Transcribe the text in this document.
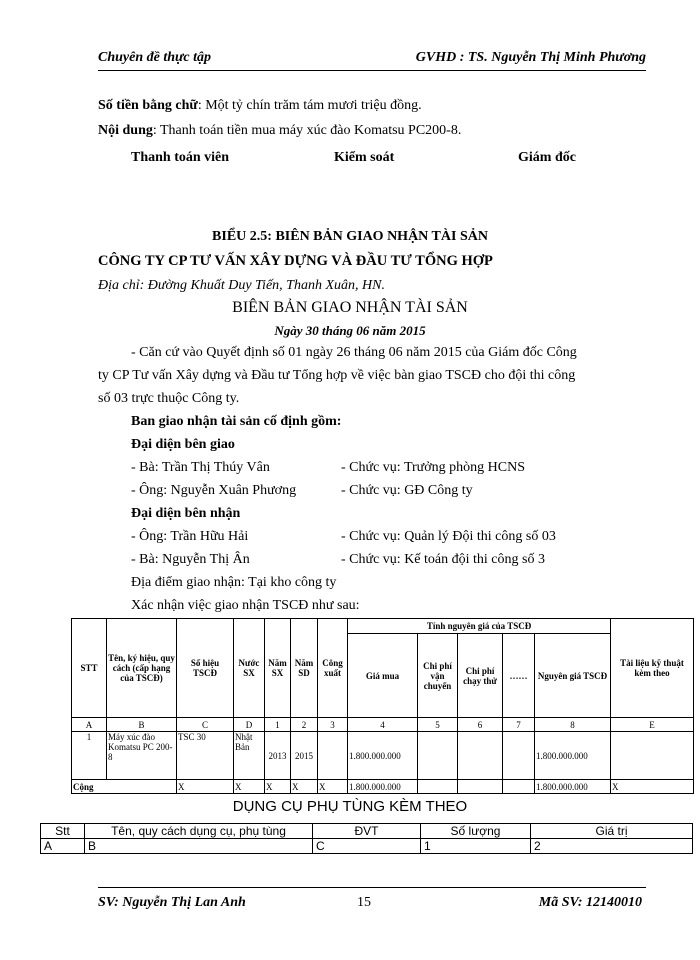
Chuyên đề thực tập	GVHD : TS. Nguyễn Thị Minh Phương
Số tiền bằng chữ: Một tỷ chín trăm tám mươi triệu đồng.
Nội dung: Thanh toán tiền mua máy xúc đào Komatsu PC200-8.
Thanh toán viên	Kiểm soát	Giám đốc
BIỂU 2.5: BIÊN BẢN GIAO NHẬN TÀI SẢN
CÔNG TY CP TƯ VẤN XÂY DỰNG VÀ ĐẦU TƯ TỔNG HỢP
Địa chỉ: Đường Khuất Duy Tiến, Thanh Xuân, HN.
BIÊN BẢN GIAO NHẬN TÀI SẢN
Ngày 30 tháng 06 năm 2015
- Căn cứ vào Quyết định số 01 ngày 26 tháng 06 năm 2015 của Giám đốc Công
ty CP Tư vấn Xây dựng và Đầu tư Tổng hợp về việc bàn giao TSCĐ cho đội thi công
số 03 trực thuộc Công ty.
Ban giao nhận tài sản cố định gồm:
Đại diện bên giao
- Bà: Trần Thị Thúy Vân	- Chức vụ: Trưởng phòng HCNS
- Ông: Nguyễn Xuân Phương	- Chức vụ: GĐ Công ty
Đại diện bên nhận
- Ông: Trần Hữu Hải	- Chức vụ: Quản lý Đội thi công số 03
- Bà: Nguyễn Thị Ân	- Chức vụ: Kế toán đội thi công số 3
Địa điểm giao nhận: Tại kho công ty
Xác nhận việc giao nhận TSCĐ như sau:
STT	Tên, ký hiệu, quy cách (cấp hạng của TSCĐ)	Số hiệu TSCĐ	Nước SX	Năm SX	Năm SD	Công xuất	Tính nguyên giá của TSCĐ					Tài liệu kỹ thuật kèm theo
							Giá mua	Chi phí vận chuyển	Chi phí chạy thử	……	Nguyên giá TSCĐ	
A	B	C	D	1	2	3	4	5	6	7	8	E
1	Máy xúc đào Komatsu PC 200-8	TSC 30	Nhật Bản	2013	2015		1.800.000.000				1.800.000.000	
Cộng		X	X	X	X	X	1.800.000.000				1.800.000.000	X
DỤNG CỤ PHỤ TÙNG KÈM THEO
Stt	Tên, quy cách dụng cụ, phụ tùng	ĐVT	Số lượng	Giá trị
A	B	C	1	2
SV: Nguyễn Thị Lan Anh	15	Mã SV: 12140010
